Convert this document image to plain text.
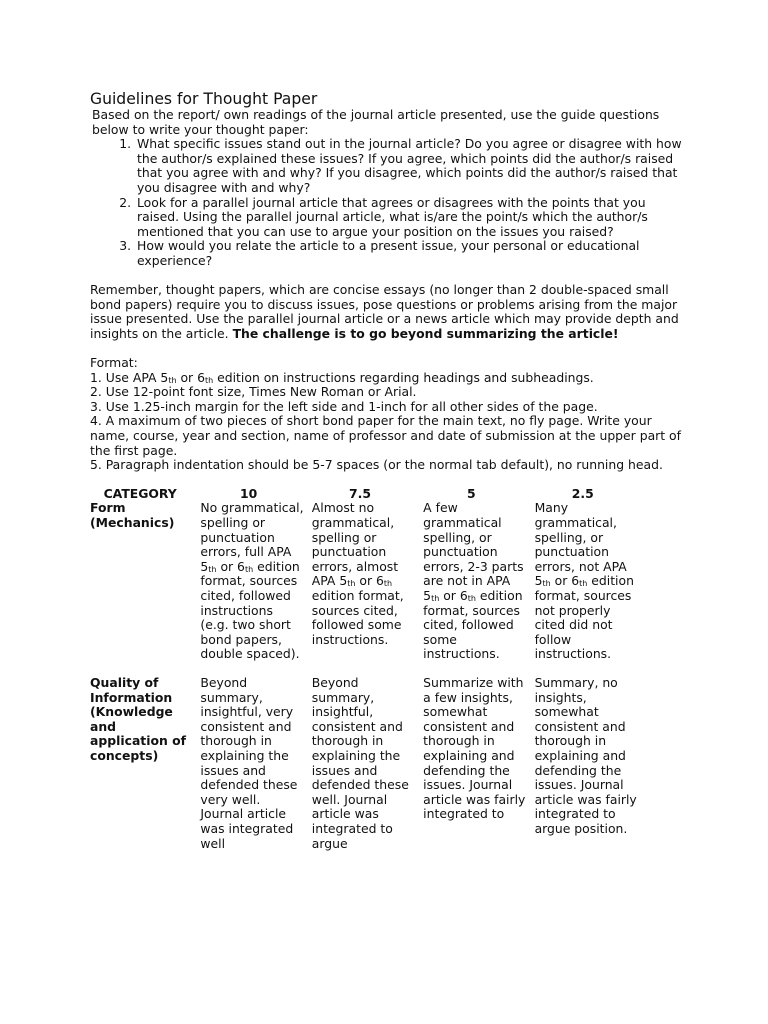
Guidelines for Thought Paper

Based on the report/ own readings of the journal article presented, use the guide questions below to write your thought paper:

1. What specific issues stand out in the journal article? Do you agree or disagree with how the author/s explained these issues? If you agree, which points did the author/s raised that you agree with and why? If you disagree, which points did the author/s raised that you disagree with and why?
2. Look for a parallel journal article that agrees or disagrees with the points that you raised. Using the parallel journal article, what is/are the point/s which the author/s mentioned that you can use to argue your position on the issues you raised?
3. How would you relate the article to a present issue, your personal or educational experience?

Remember, thought papers, which are concise essays (no longer than 2 double-spaced small bond papers) require you to discuss issues, pose questions or problems arising from the major issue presented. Use the parallel journal article or a news article which may provide depth and insights on the article. The challenge is to go beyond summarizing the article!

Format:

1. Use APA $5_{th}$ or $6_{th}$ edition on instructions regarding headings and subheadings.

2. Use 12-point font size, Times New Roman or Arial.

3. Use 1.25-inch margin for the left side and 1-inch for all other sides of the page.

4. A maximum of two pieces of short bond paper for the main text, no fly page. Write your name, course, year and section, name of professor and date of submission at the upper part of the first page.

5. Paragraph indentation should be 5-7 spaces (or the normal tab default), no running head.

CATEGORY	10	7.5	5	2.5
Form (Mechanics)	No grammatical, spelling or punctuation errors, full APA $5_{th}$ or $6_{th}$ edition format, sources cited, followed instructions (e.g. two short bond papers, double spaced).	Almost no grammatical, spelling or punctuation errors, almost APA $5_{th}$ or $6_{th}$ edition format, sources cited, followed some instructions.	A few grammatical spelling, or punctuation errors, 2-3 parts are not in APA $5_{th}$ or $6_{th}$ edition format, sources cited, followed some instructions.	Many grammatical, spelling, or punctuation errors, not APA $5_{th}$ or $6_{th}$ edition format, sources not properly cited did not follow instructions.
Quality of Information (Knowledge and application of concepts)	Beyond summary, insightful, very consistent and thorough in explaining the issues and defended these very well. Journal article was integrated well	Beyond summary, insightful, consistent and thorough in explaining the issues and defended these well. Journal article was integrated to argue	Summarize with a few insights, somewhat consistent and thorough in explaining and defending the issues. Journal article was fairly integrated to	Summary, no insights, somewhat consistent and thorough in explaining and defending the issues. Journal article was fairly integrated to argue position.
